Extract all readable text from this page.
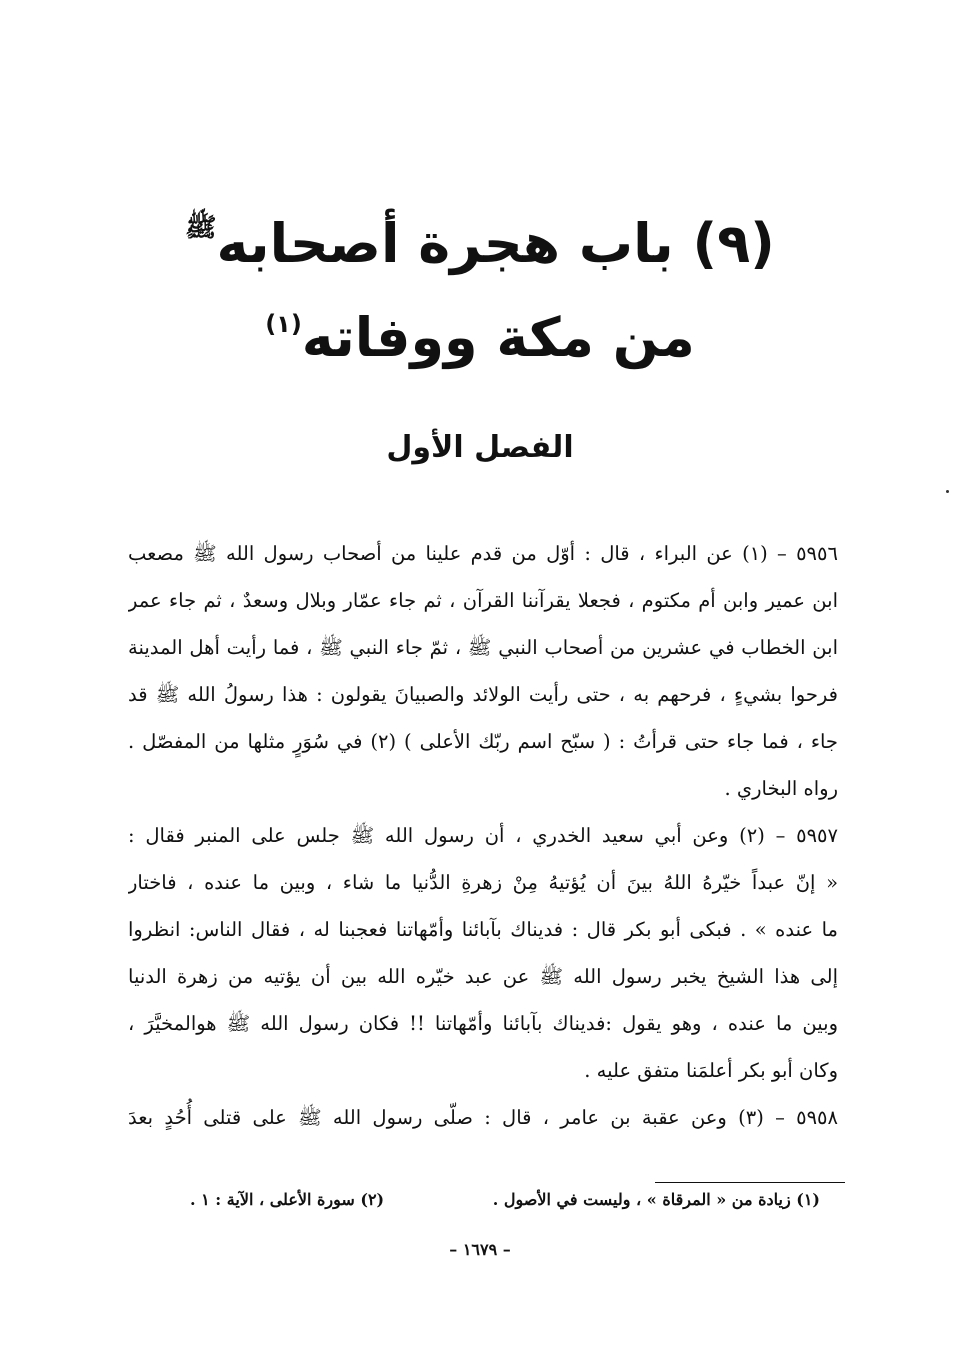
(٩) باب هجرة أصحابه$^ﷺ$
من مكة ووفاته$^{(١)}$
الفصل الأول
٥٩٥٦ – (١) عن البراء ، قال : أوّل من قدم علينا من أصحاب رسول الله ﷺ مصعب
ابن عمير وابن أم مكتوم ، فجعلا يقرآننا القرآن ، ثم جاء عمّار وبلال وسعدٌ ، ثم جاء عمر
ابن الخطاب في عشرين من أصحاب النبي ﷺ ، ثمّ جاء النبي ﷺ ، فما رأيت أهل المدينة
فرحوا بشيءٍ ، فرحهم به ، حتى رأيت الولائد والصبيانَ يقولون : هذا رسولُ الله ﷺ قد
جاء ، فما جاء حتى قرأتُ : ( سبّح اسم ربّك الأعلى ) (٢) في سُوَرٍ مثلها من المفصّل .
رواه البخاري .
٥٩٥٧ – (٢) وعن أبي سعيد الخدري ، أن رسول الله ﷺ جلس على المنبر فقال :
« إنّ عبداً خيّرهُ اللهُ بينَ أن يُؤتيهُ مِنْ زهرةِ الدُّنيا ما شاء ، وبين ما عنده ، فاختار
ما عنده » . فبكى أبو بكر قال : فديناك بآبائنا وأمّهاتنا فعجبنا له ، فقال الناس: انظروا
إلى هذا الشيخ يخبر رسول الله ﷺ عن عبد خيّره الله بين أن يؤتيه من زهرة الدنيا
وبين ما عنده ، وهو يقول :فديناك بآبائنا وأمّهاتنا !! فكان رسول الله ﷺ هوالمخيَّرَ ،
وكان أبو بكر أعلمَنا متفق عليه .
٥٩٥٨ – (٣) وعن عقبة بن عامر ، قال : صلّى رسول الله ﷺ على قتلى أُحُدٍ بعدَ
(١) زيادة من « المرقاة » ، وليست في الأصول .
(٢) سورة الأعلى ، الآية : ١ .
– ١٦٧٩ –
